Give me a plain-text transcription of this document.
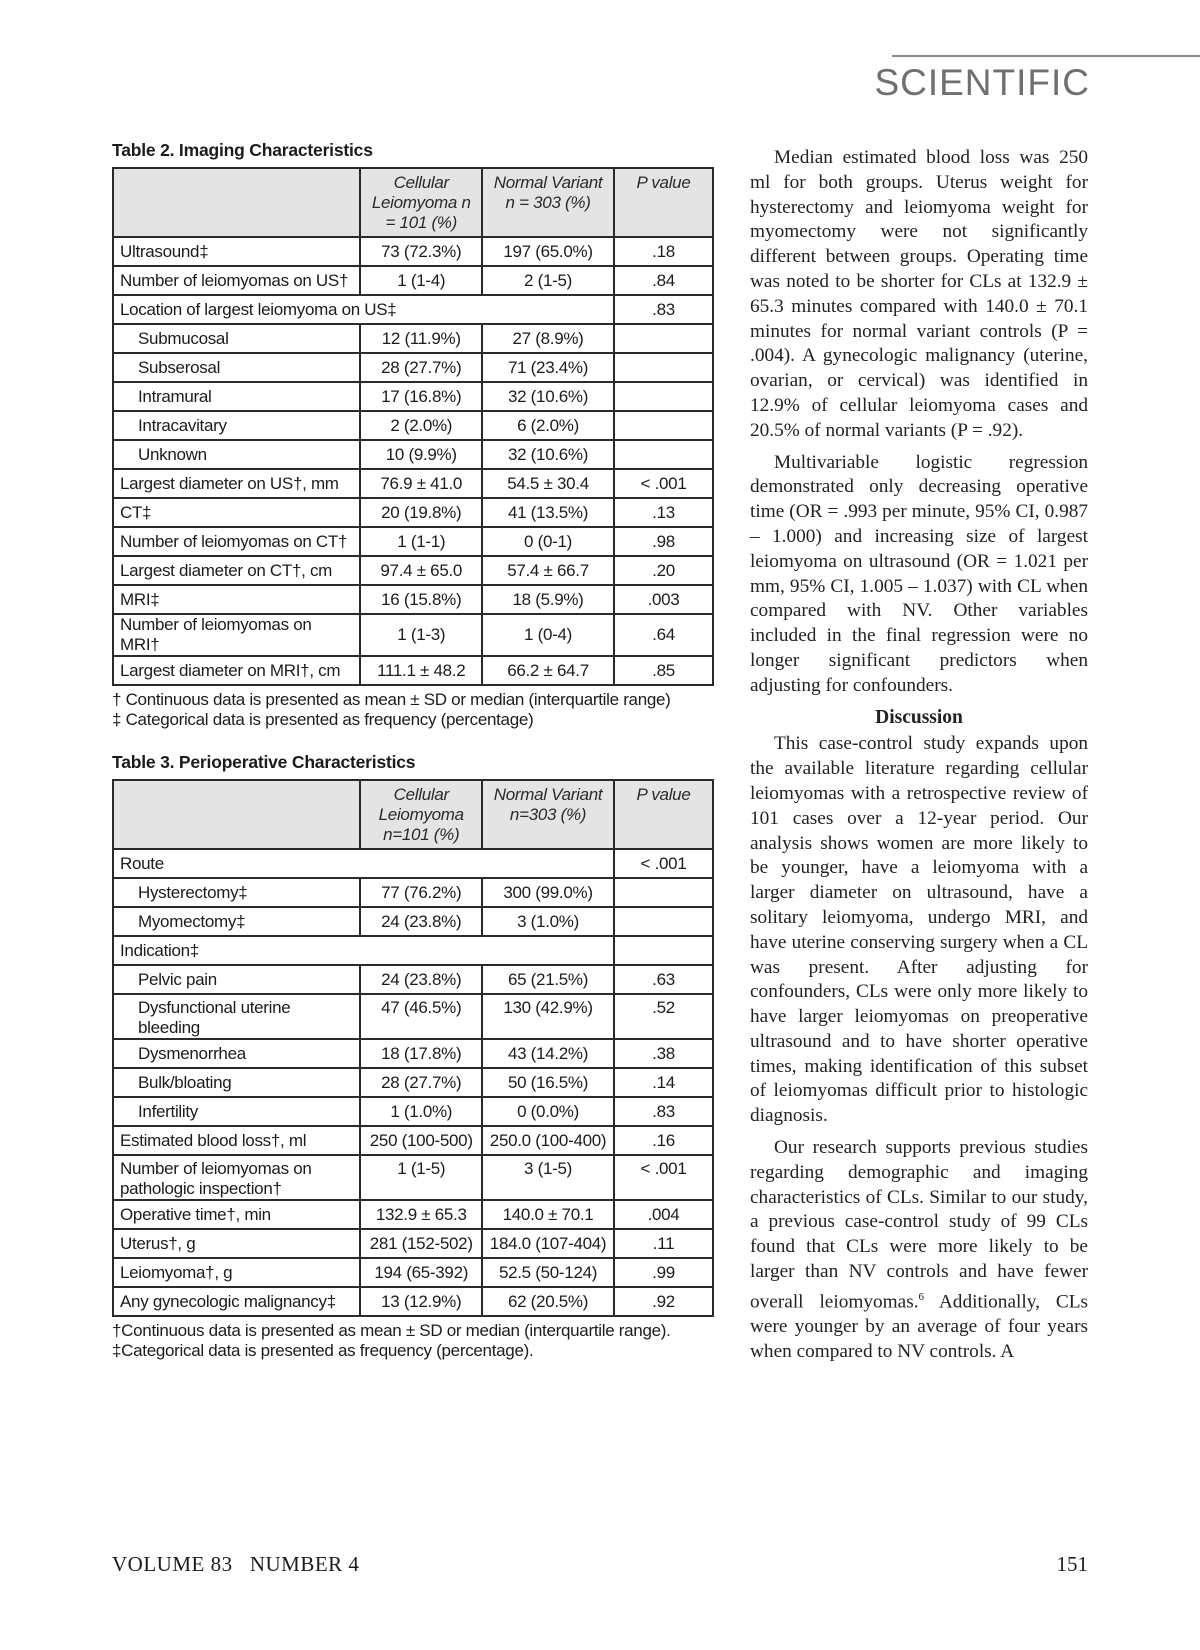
SCIENTIFIC
Table 2. Imaging Characteristics
	Cellular Leiomyoma n = 101 (%)	Normal Variant n = 303 (%)	P value
Ultrasound‡	73 (72.3%)	197 (65.0%)	.18
Number of leiomyomas on US†	1 (1-4)	2 (1-5)	.84
Location of largest leiomyoma on US‡			.83
Submucosal	12 (11.9%)	27 (8.9%)	
Subserosal	28 (27.7%)	71 (23.4%)	
Intramural	17 (16.8%)	32 (10.6%)	
Intracavitary	2 (2.0%)	6 (2.0%)	
Unknown	10 (9.9%)	32 (10.6%)	
Largest diameter on US†, mm	76.9 ± 41.0	54.5 ± 30.4	< .001
CT‡	20 (19.8%)	41 (13.5%)	.13
Number of leiomyomas on CT†	1 (1-1)	0 (0-1)	.98
Largest diameter on CT†, cm	97.4 ± 65.0	57.4 ± 66.7	.20
MRI‡	16 (15.8%)	18 (5.9%)	.003
Number of leiomyomas on MRI†	1 (1-3)	1 (0-4)	.64
Largest diameter on MRI†, cm	111.1 ± 48.2	66.2 ± 64.7	.85
† Continuous data is presented as mean ± SD or median (interquartile range)
‡ Categorical data is presented as frequency (percentage)
Table 3. Perioperative Characteristics
	Cellular Leiomyoma n=101 (%)	Normal Variant n=303 (%)	P value
Route			< .001
Hysterectomy‡	77 (76.2%)	300 (99.0%)	
Myomectomy‡	24 (23.8%)	3 (1.0%)	
Indication‡			
Pelvic pain	24 (23.8%)	65 (21.5%)	.63
Dysfunctional uterine bleeding	47 (46.5%)	130 (42.9%)	.52
Dysmenorrhea	18 (17.8%)	43 (14.2%)	.38
Bulk/bloating	28 (27.7%)	50 (16.5%)	.14
Infertility	1 (1.0%)	0 (0.0%)	.83
Estimated blood loss†, ml	250 (100-500)	250.0 (100-400)	.16
Number of leiomyomas on pathologic inspection†	1 (1-5)	3 (1-5)	< .001
Operative time†, min	132.9 ± 65.3	140.0 ± 70.1	.004
Uterus†, g	281 (152-502)	184.0 (107-404)	.11
Leiomyoma†, g	194 (65-392)	52.5 (50-124)	.99
Any gynecologic malignancy‡	13 (12.9%)	62 (20.5%)	.92
†Continuous data is presented as mean ± SD or median (interquartile range).
‡Categorical data is presented as frequency (percentage).

Median estimated blood loss was 250 ml for both groups. Uterus weight for hysterectomy and leiomyoma weight for myomectomy were not significantly different between groups. Operating time was noted to be shorter for CLs at 132.9 ± 65.3 minutes compared with 140.0 ± 70.1 minutes for normal variant controls (P = .004). A gynecologic malignancy (uterine, ovarian, or cervical) was identified in 12.9% of cellular leiomyoma cases and 20.5% of normal variants (P = .92).

Multivariable logistic regression demonstrated only decreasing operative time (OR = .993 per minute, 95% CI, 0.987 – 1.000) and increasing size of largest leiomyoma on ultrasound (OR = 1.021 per mm, 95% CI, 1.005 – 1.037) with CL when compared with NV. Other variables included in the final regression were no longer significant predictors when adjusting for confounders.

Discussion

This case-control study expands upon the available literature regarding cellular leiomyomas with a retrospective review of 101 cases over a 12-year period. Our analysis shows women are more likely to be younger, have a leiomyoma with a larger diameter on ultrasound, have a solitary leiomyoma, undergo MRI, and have uterine conserving surgery when a CL was present. After adjusting for confounders, CLs were only more likely to have larger leiomyomas on preoperative ultrasound and to have shorter operative times, making identification of this subset of leiomyomas difficult prior to histologic diagnosis.

Our research supports previous studies regarding demographic and imaging characteristics of CLs. Similar to our study, a previous case-control study of 99 CLs found that CLs were more likely to be larger than NV controls and have fewer overall leiomyomas.$^6$ Additionally, CLs were younger by an average of four years when compared to NV controls. A

VOLUME 83   NUMBER 4	151
